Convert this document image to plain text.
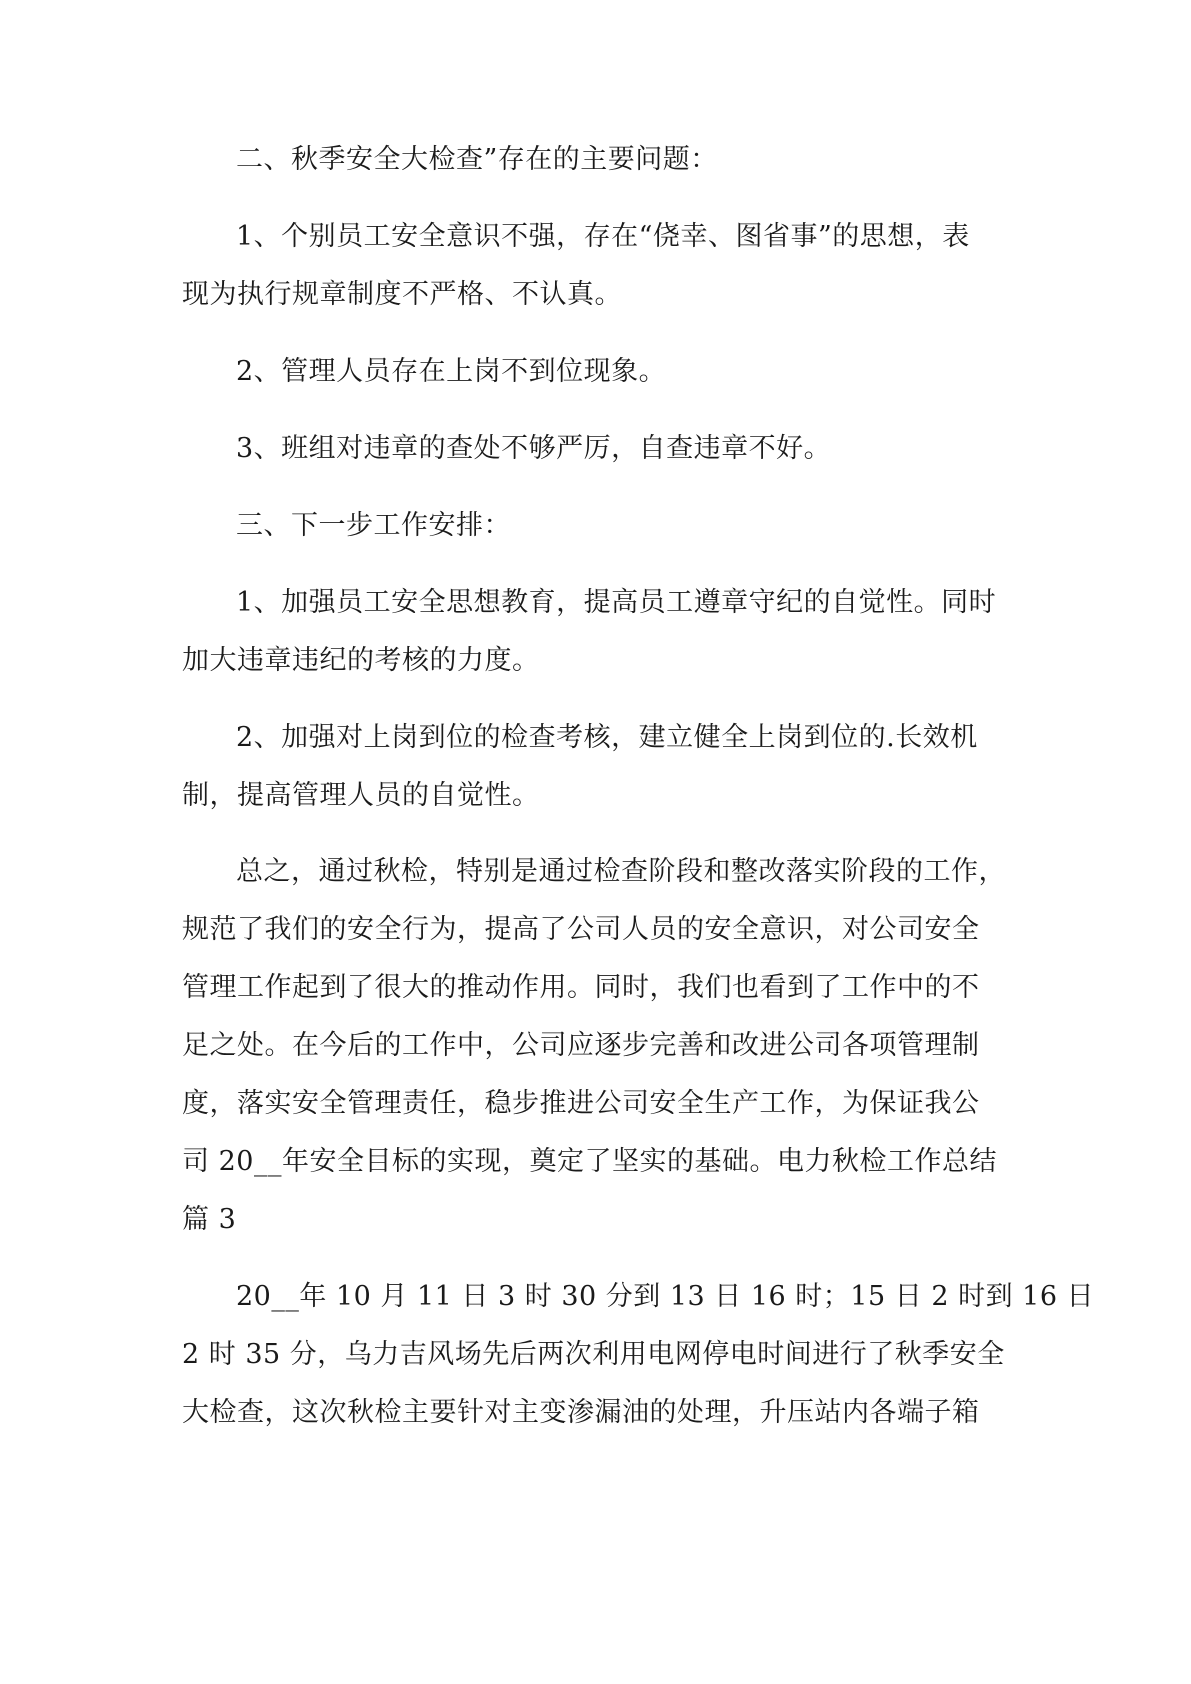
二、秋季安全大检查”存在的主要问题：
1、个别员工安全意识不强，存在“侥幸、图省事”的思想，表
现为执行规章制度不严格、不认真。
2、管理人员存在上岗不到位现象。
3、班组对违章的查处不够严厉，自查违章不好。
三、下一步工作安排：
1、加强员工安全思想教育，提高员工遵章守纪的自觉性。同时
加大违章违纪的考核的力度。
2、加强对上岗到位的检查考核，建立健全上岗到位的.长效机
制，提高管理人员的自觉性。
总之，通过秋检，特别是通过检查阶段和整改落实阶段的工作，
规范了我们的安全行为，提高了公司人员的安全意识，对公司安全
管理工作起到了很大的推动作用。同时，我们也看到了工作中的不
足之处。在今后的工作中，公司应逐步完善和改进公司各项管理制
度，落实安全管理责任，稳步推进公司安全生产工作，为保证我公
司 20__年安全目标的实现，奠定了坚实的基础。电力秋检工作总结
篇 3
20__年 10 月 11 日 3 时 30 分到 13 日 16 时；15 日 2 时到 16 日
2 时 35 分，乌力吉风场先后两次利用电网停电时间进行了秋季安全
大检查，这次秋检主要针对主变渗漏油的处理，升压站内各端子箱
